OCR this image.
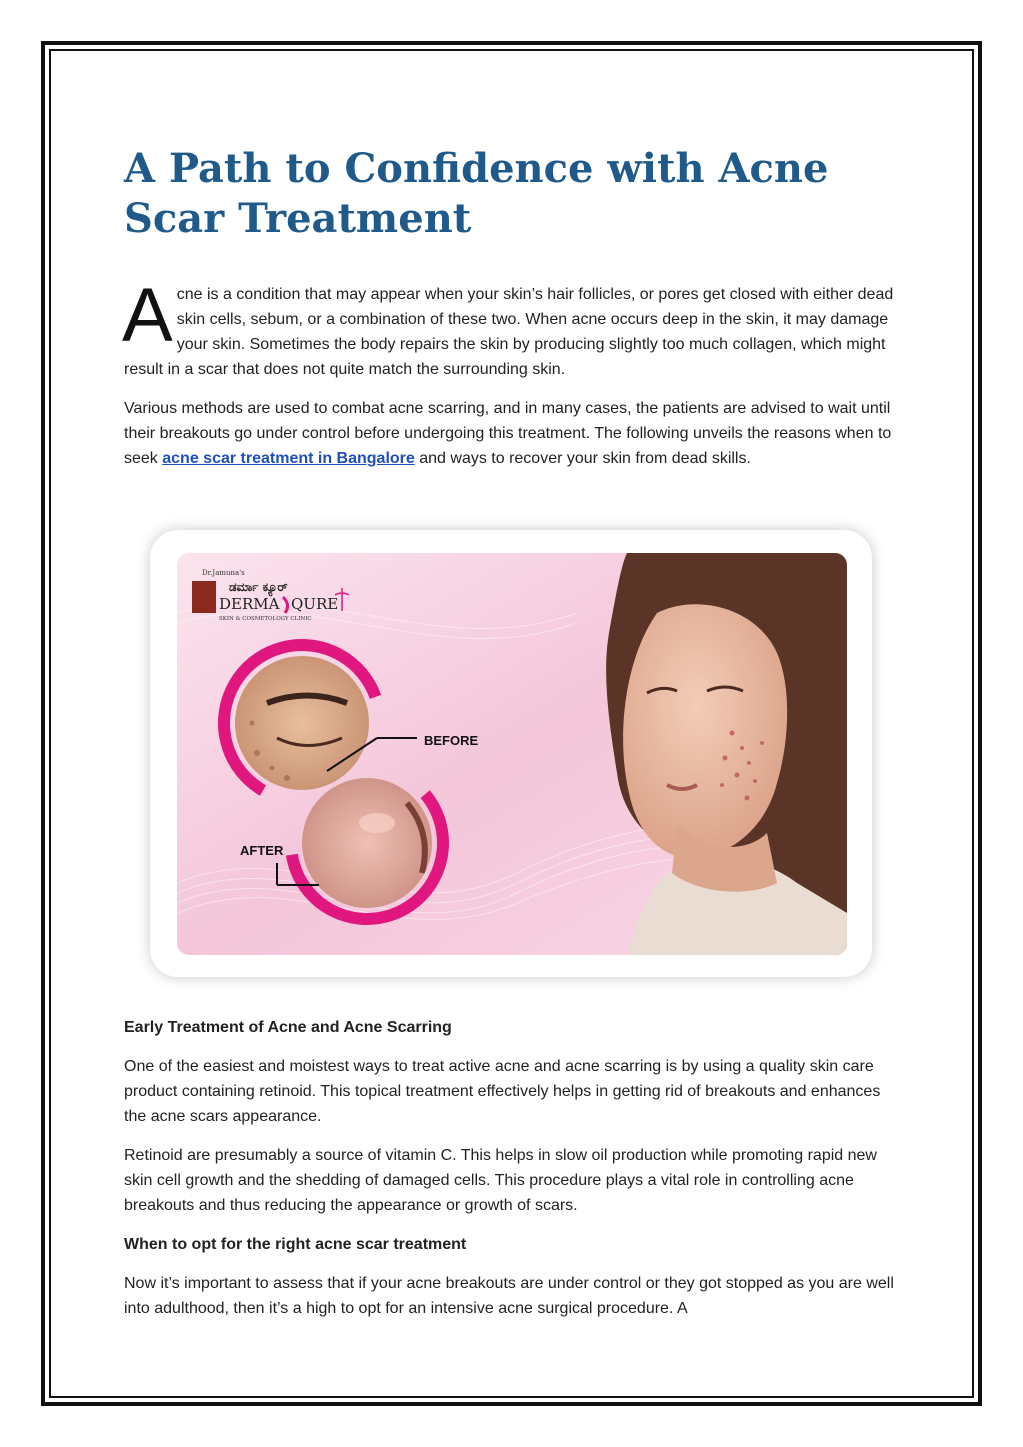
A Path to Confidence with Acne Scar Treatment

Acne is a condition that may appear when your skin’s hair follicles, or pores get closed with either dead skin cells, sebum, or a combination of these two. When acne occurs deep in the skin, it may damage your skin. Sometimes the body repairs the skin by producing slightly too much collagen, which might result in a scar that does not quite match the surrounding skin.

Various methods are used to combat acne scarring, and in many cases, the patients are advised to wait until their breakouts go under control before undergoing this treatment. The following unveils the reasons when to seek acne scar treatment in Bangalore and ways to recover your skin from dead skills.

BEFORE
AFTER
Dr.Jamuna's
ಡರ್ಮಾ ಕ್ಯೂರ್
DERMA QURE
SKIN & COSMETOLOGY CLINIC

Early Treatment of Acne and Acne Scarring

One of the easiest and moistest ways to treat active acne and acne scarring is by using a quality skin care product containing retinoid. This topical treatment effectively helps in getting rid of breakouts and enhances the acne scars appearance.

Retinoid are presumably a source of vitamin C. This helps in slow oil production while promoting rapid new skin cell growth and the shedding of damaged cells. This procedure plays a vital role in controlling acne breakouts and thus reducing the appearance or growth of scars.

When to opt for the right acne scar treatment

Now it’s important to assess that if your acne breakouts are under control or they got stopped as you are well into adulthood, then it’s a high to opt for an intensive acne surgical procedure. A
